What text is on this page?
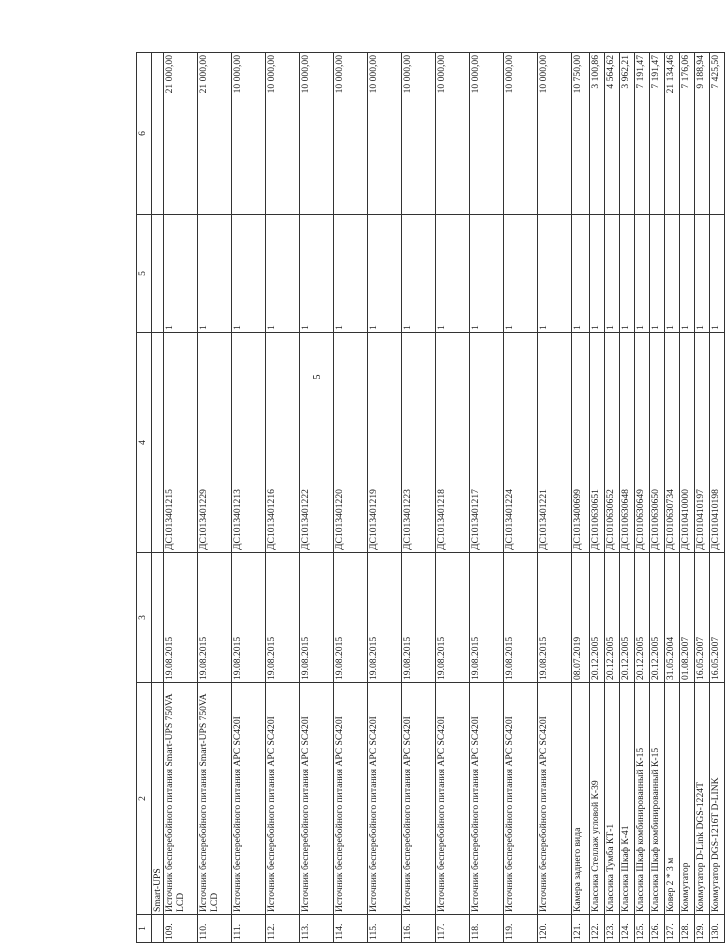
5
1	2	3	4	5	6
	Smart-UPS				
109.	Источник бесперебойного питания Smart-UPS 750VA LCD	19.08.2015	ДС1013401215	1	21 000,00
110.	Источник бесперебойного питания Smart-UPS 750VA LCD	19.08.2015	ДС1013401229	1	21 000,00
111.	Источник бесперебойного питания APC SC420I	19.08.2015	ДС1013401213	1	10 000,00
112.	Источник бесперебойного питания APC SC420I	19.08.2015	ДС1013401216	1	10 000,00
113.	Источник бесперебойного питания APC SC420I	19.08.2015	ДС1013401222	1	10 000,00
114.	Источник бесперебойного питания APC SC420I	19.08.2015	ДС1013401220	1	10 000,00
115.	Источник бесперебойного питания APC SC420I	19.08.2015	ДС1013401219	1	10 000,00
116.	Источник бесперебойного питания APC SC420I	19.08.2015	ДС1013401223	1	10 000,00
117.	Источник бесперебойного питания APC SC420I	19.08.2015	ДС1013401218	1	10 000,00
118.	Источник бесперебойного питания APC SC420I	19.08.2015	ДС1013401217	1	10 000,00
119.	Источник бесперебойного питания APC SC420I	19.08.2015	ДС1013401224	1	10 000,00
120.	Источник бесперебойного питания APC SC420I	19.08.2015	ДС1013401221	1	10 000,00
121.	Камера заднего вида	08.07.2019	ДС1013400699	1	10 750,00
122.	Классика Стеллаж угловой К-39	20.12.2005	ДС1010630651	1	3 100,86
123.	Классика Тумба КТ-1	20.12.2005	ДС1010630652	1	4 564,62
124.	Классика Шкаф К-41	20.12.2005	ДС1010630648	1	3 962,21
125.	Классика Шкаф комбинированный К-15	20.12.2005	ДС1010630649	1	7 191,47
126.	Классика Шкаф комбинированный К-15	20.12.2005	ДС1010630650	1	7 191,47
127.	Ковер 2 * 3 м	31.05.2004	ДС1010630734	1	21 134,46
128.	Коммутатор	01.08.2007	ДС1010410000	1	7 176,06
129.	Коммутатор D-Link DGS-1224T	16.05.2007	ДС1010410197	1	9 188,94
130.	Коммутатор DGS-1216T D-LINK	16.05.2007	ДС1010410198	1	7 425,50
